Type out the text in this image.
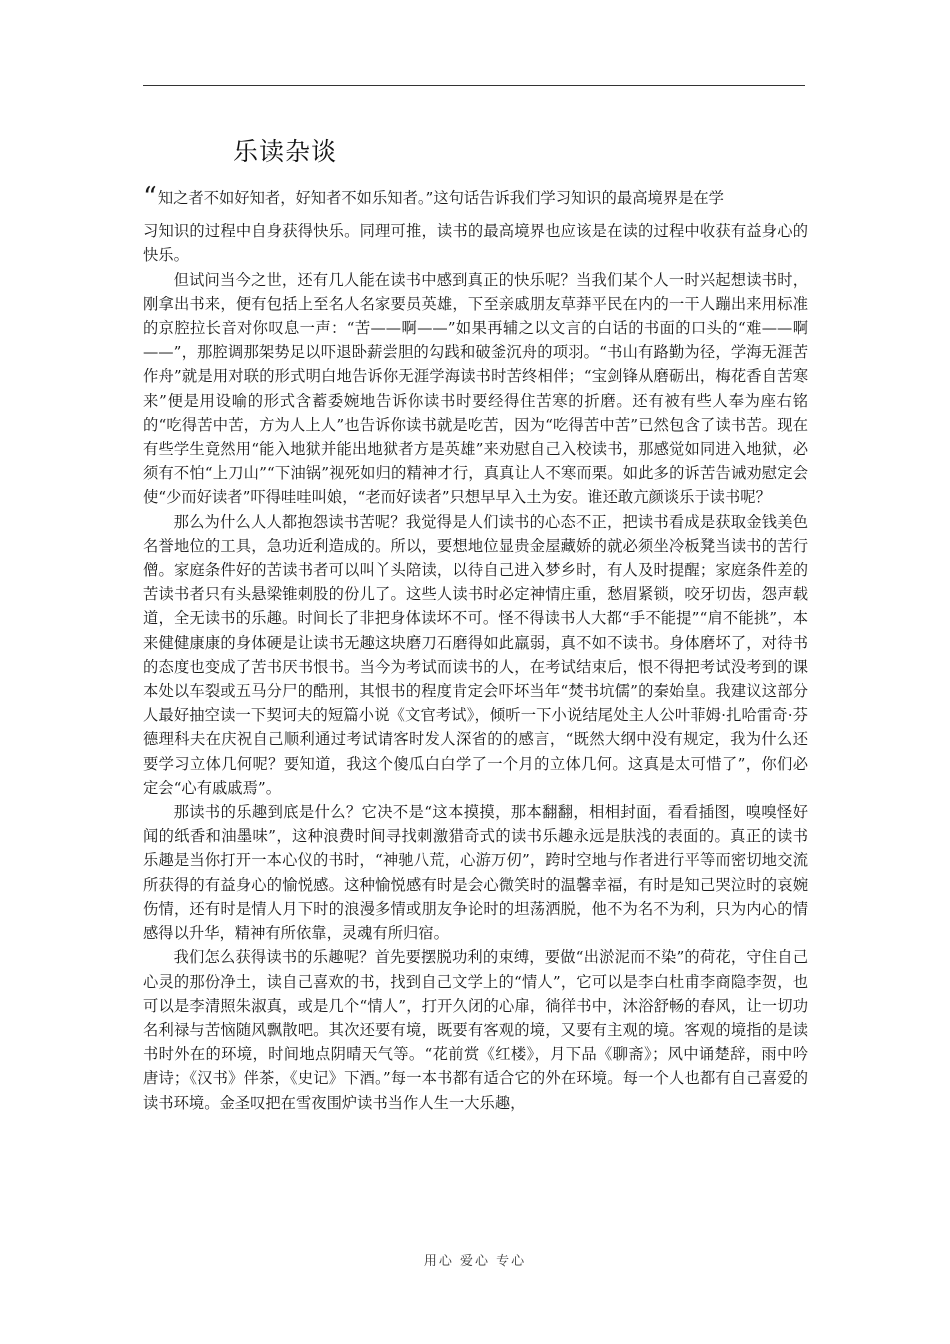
乐读杂谈

“知之者不如好知者，好知者不如乐知者。”这句话告诉我们学习知识的最高境界是在学
习知识的过程中自身获得快乐。同理可推，读书的最高境界也应该是在读的过程中收获有益身心的快乐。

但试问当今之世，还有几人能在读书中感到真正的快乐呢？当我们某个人一时兴起想读书时，刚拿出书来，便有包括上至名人名家要员英雄，下至亲戚朋友草莽平民在内的一干人蹦出来用标准的京腔拉长音对你叹息一声：“苦——啊——”如果再辅之以文言的白话的书面的口头的“难——啊——”，那腔调那架势足以吓退卧薪尝胆的勾践和破釜沉舟的项羽。“书山有路勤为径，学海无涯苦作舟”就是用对联的形式明白地告诉你无涯学海读书时苦终相伴；“宝剑锋从磨砺出，梅花香自苦寒来”便是用设喻的形式含蓄委婉地告诉你读书时要经得住苦寒的折磨。还有被有些人奉为座右铭的“吃得苦中苦，方为人上人”也告诉你读书就是吃苦，因为“吃得苦中苦”已然包含了读书苦。现在有些学生竟然用“能入地狱并能出地狱者方是英雄”来劝慰自己入校读书，那感觉如同进入地狱，必须有不怕“上刀山”“下油锅”视死如归的精神才行，真真让人不寒而栗。如此多的诉苦告诫劝慰定会使“少而好读者”吓得哇哇叫娘，“老而好读者”只想早早入土为安。谁还敢亢颜谈乐于读书呢？

那么为什么人人都抱怨读书苦呢？我觉得是人们读书的心态不正，把读书看成是获取金钱美色名誉地位的工具，急功近利造成的。所以，要想地位显贵金屋藏娇的就必须坐冷板凳当读书的苦行僧。家庭条件好的苦读书者可以叫丫头陪读，以待自己进入梦乡时，有人及时提醒；家庭条件差的苦读书者只有头悬梁锥刺股的份儿了。这些人读书时必定神情庄重，愁眉紧锁，咬牙切齿，怨声载道，全无读书的乐趣。时间长了非把身体读坏不可。怪不得读书人大都“手不能提”“肩不能挑”，本来健健康康的身体硬是让读书无趣这块磨刀石磨得如此羸弱，真不如不读书。身体磨坏了，对待书的态度也变成了苦书厌书恨书。当今为考试而读书的人，在考试结束后，恨不得把考试没考到的课本处以车裂或五马分尸的酷刑，其恨书的程度肯定会吓坏当年“焚书坑儒”的秦始皇。我建议这部分人最好抽空读一下契诃夫的短篇小说《文官考试》，倾听一下小说结尾处主人公叶菲姆·扎哈雷奇·芬德理科夫在庆祝自己顺利通过考试请客时发人深省的的感言，“既然大纲中没有规定，我为什么还要学习立体几何呢？要知道，我这个傻瓜白白学了一个月的立体几何。这真是太可惜了”，你们必定会“心有戚戚焉”。

那读书的乐趣到底是什么？它决不是“这本摸摸，那本翻翻，相相封面，看看插图，嗅嗅怪好闻的纸香和油墨味”，这种浪费时间寻找刺激猎奇式的读书乐趣永远是肤浅的表面的。真正的读书乐趣是当你打开一本心仪的书时，“神驰八荒，心游万仞”，跨时空地与作者进行平等而密切地交流所获得的有益身心的愉悦感。这种愉悦感有时是会心微笑时的温馨幸福，有时是知己哭泣时的哀婉伤情，还有时是情人月下时的浪漫多情或朋友争论时的坦荡洒脱，他不为名不为利，只为内心的情感得以升华，精神有所依靠，灵魂有所归宿。

我们怎么获得读书的乐趣呢？首先要摆脱功利的束缚，要做“出淤泥而不染”的荷花，守住自己心灵的那份净土，读自己喜欢的书，找到自己文学上的“情人”，它可以是李白杜甫李商隐李贺，也可以是李清照朱淑真，或是几个“情人”，打开久闭的心扉，徜徉书中，沐浴舒畅的春风，让一切功名利禄与苦恼随风飘散吧。其次还要有境，既要有客观的境，又要有主观的境。客观的境指的是读书时外在的环境，时间地点阴晴天气等。“花前赏《红楼》，月下品《聊斋》；风中诵楚辞，雨中吟唐诗；《汉书》伴茶，《史记》下酒。”每一本书都有适合它的外在环境。每一个人也都有自己喜爱的读书环境。金圣叹把在雪夜围炉读书当作人生一大乐趣，

用心 爱心 专心
